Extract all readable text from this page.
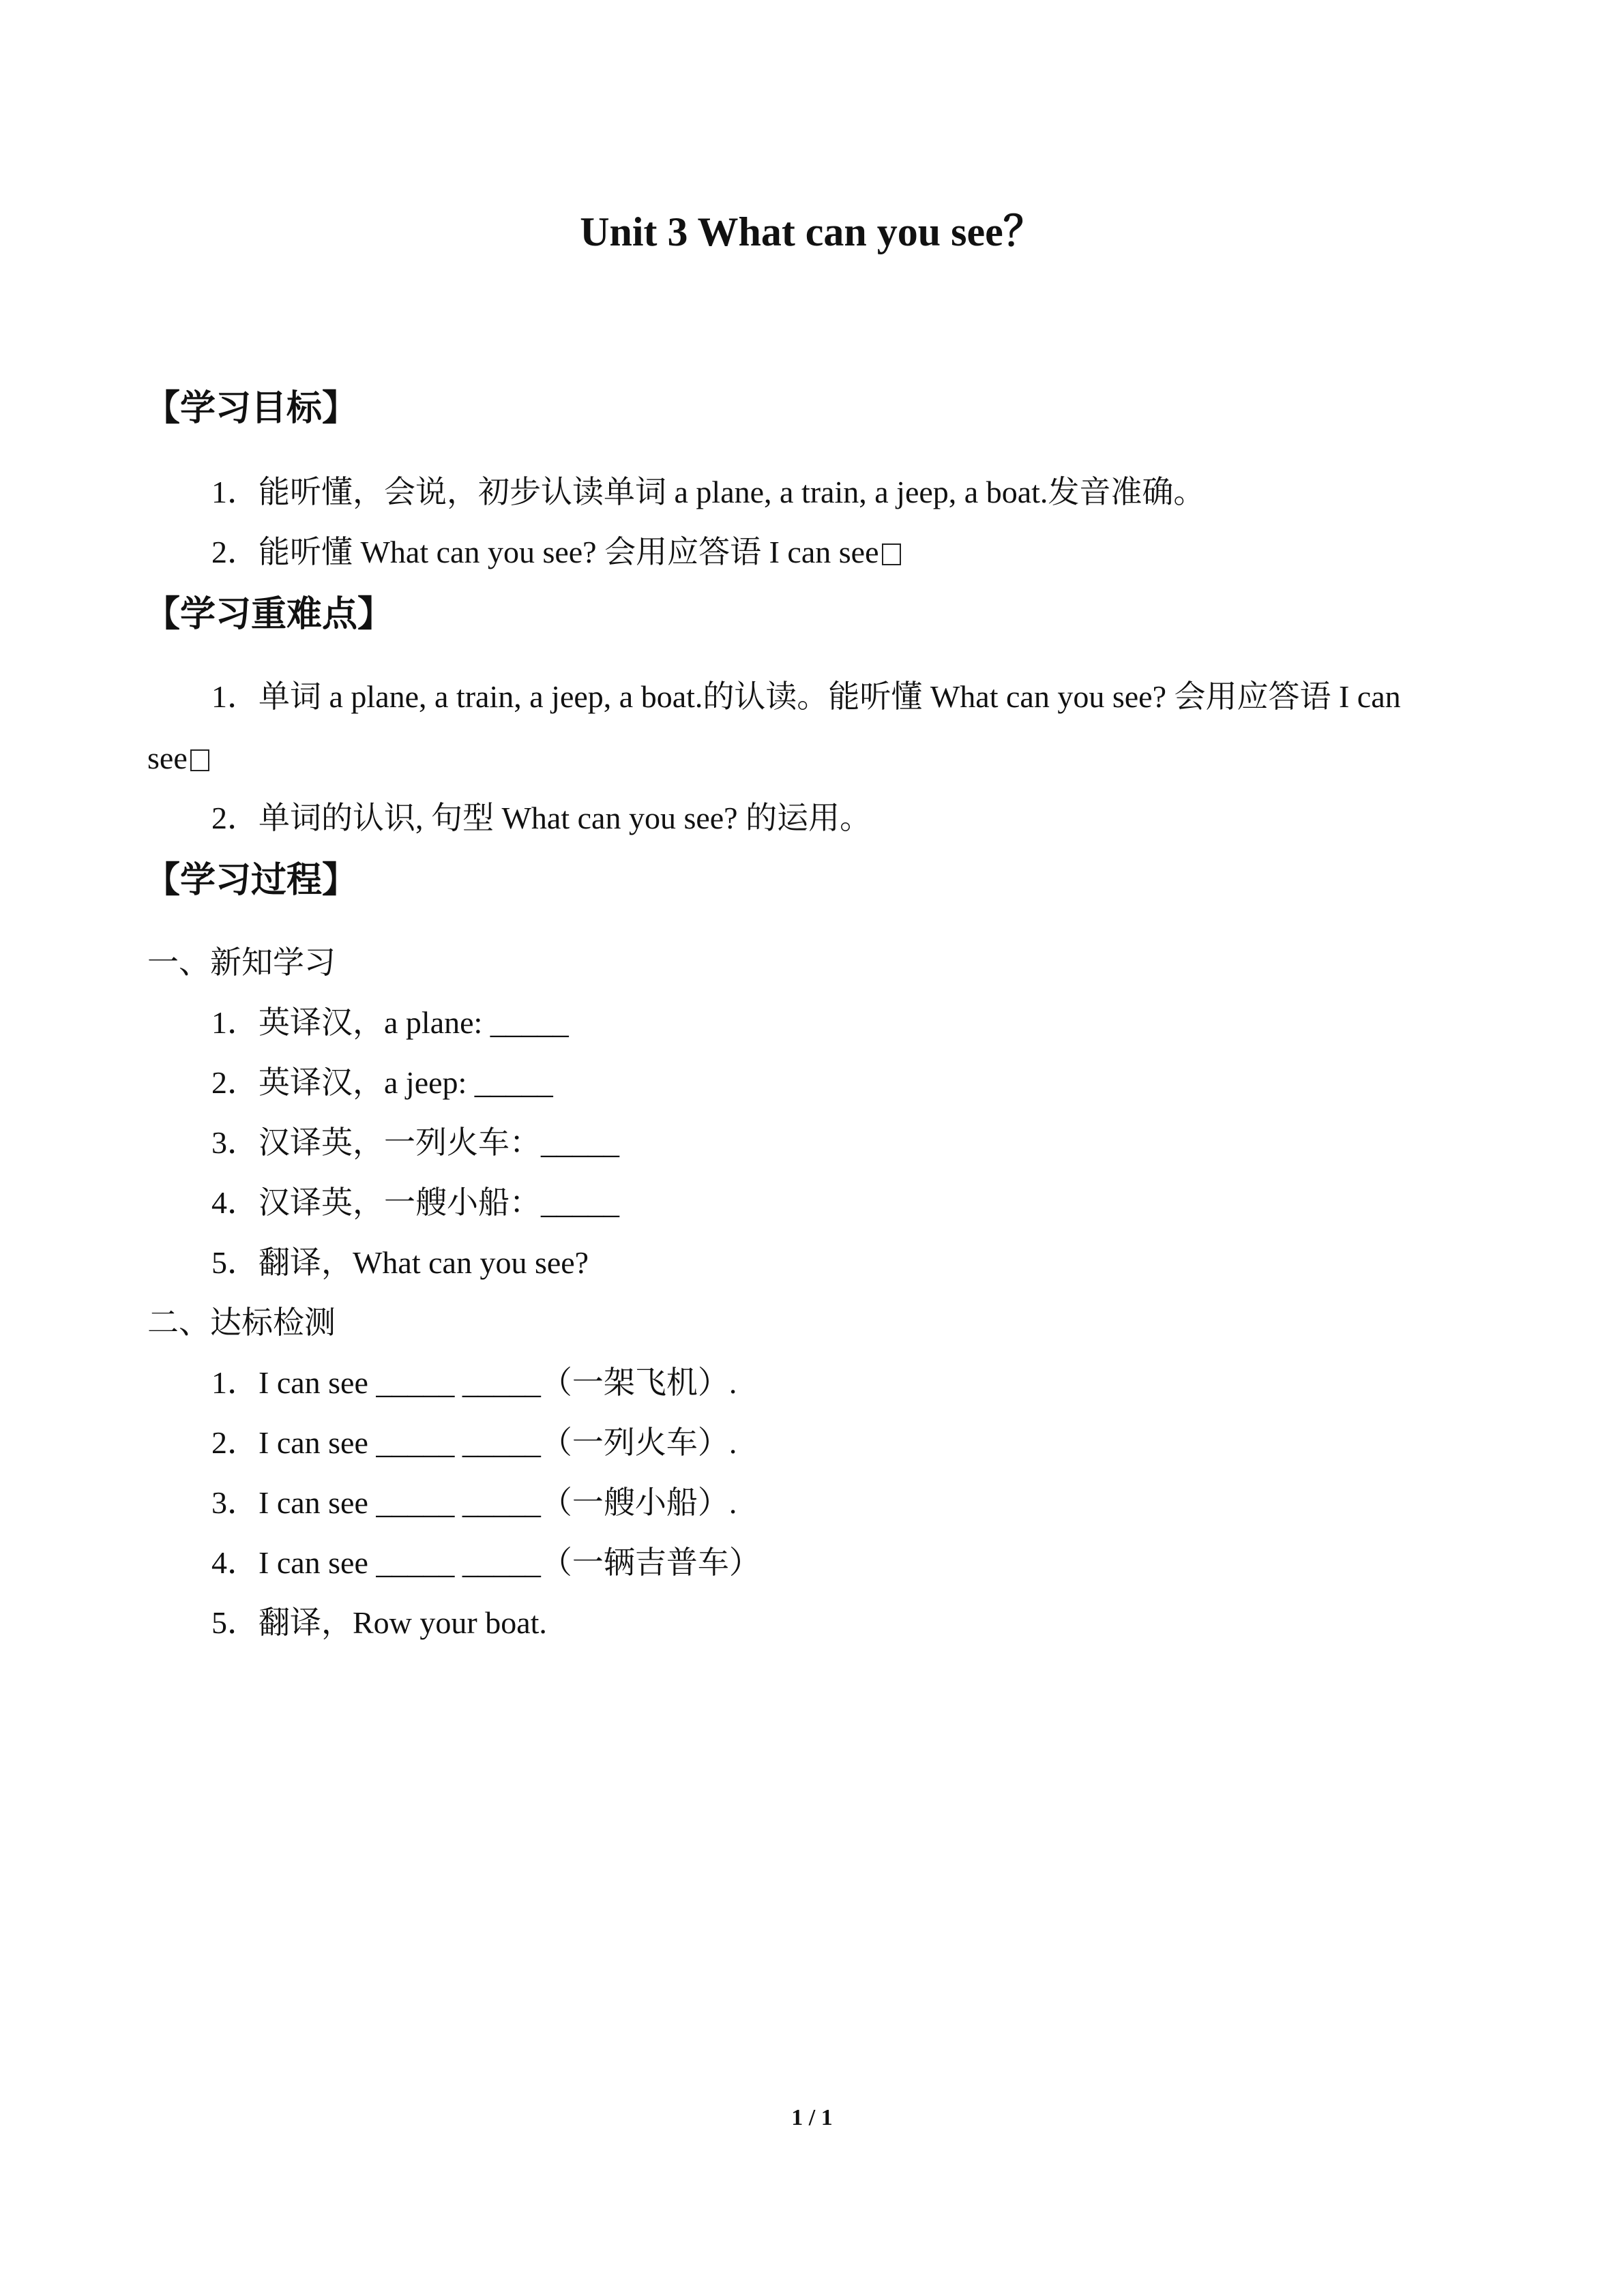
Unit 3 What can you see？
【学习目标】
1．能听懂，会说，初步认读单词 a plane, a train, a jeep, a boat.发音准确。
2．能听懂 What can you see? 会用应答语 I can see
【学习重难点】
1．单词 a plane, a train, a jeep, a boat.的认读。能听懂 What can you see? 会用应答语 I can
see
2．单词的认识, 句型 What can you see? 的运用。
【学习过程】
一、新知学习
1．英译汉，a plane: _____
2．英译汉，a jeep: _____
3．汉译英，一列火车：_____
4．汉译英，一艘小船：_____
5．翻译，What can you see?
二、达标检测
1．I can see _____ _____（一架飞机）.
2．I can see _____ _____（一列火车）.
3．I can see _____ _____（一艘小船）.
4．I can see _____ _____（一辆吉普车）
5．翻译，Row your boat.
1 / 1
